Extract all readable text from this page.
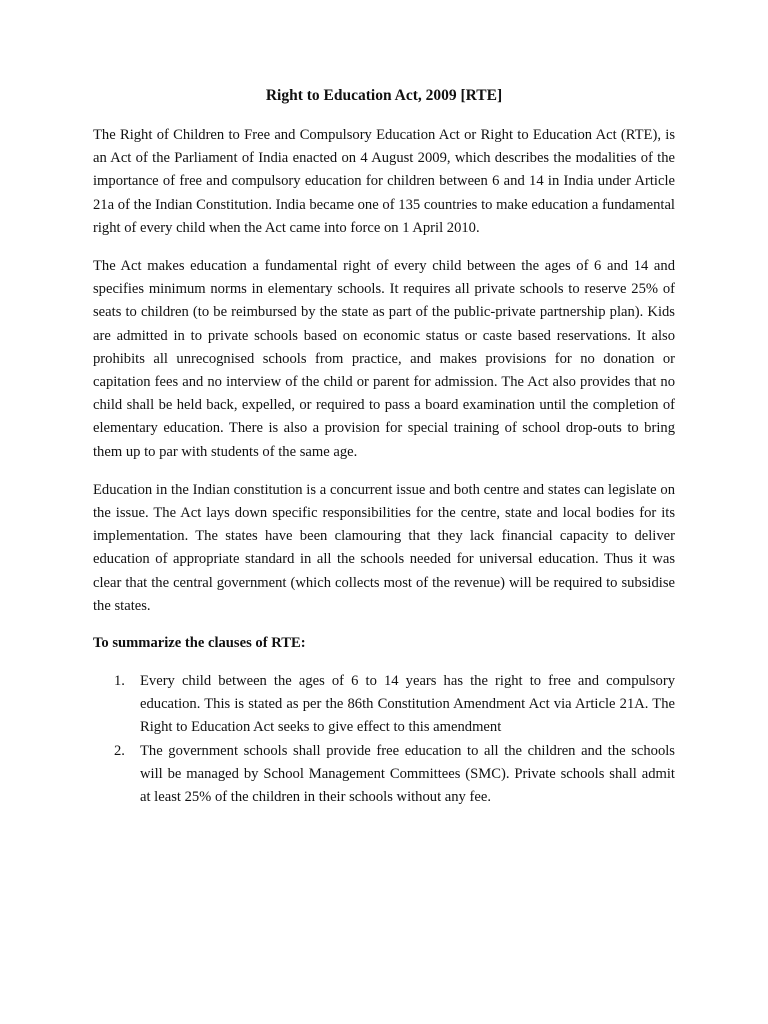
Right to Education Act, 2009 [RTE]

The Right of Children to Free and Compulsory Education Act or Right to Education Act (RTE), is an Act of the Parliament of India enacted on 4 August 2009, which describes the modalities of the importance of free and compulsory education for children between 6 and 14 in India under Article 21a of the Indian Constitution. India became one of 135 countries to make education a fundamental right of every child when the Act came into force on 1 April 2010.

The Act makes education a fundamental right of every child between the ages of 6 and 14 and specifies minimum norms in elementary schools. It requires all private schools to reserve 25% of seats to children (to be reimbursed by the state as part of the public-private partnership plan). Kids are admitted in to private schools based on economic status or caste based reservations. It also prohibits all unrecognised schools from practice, and makes provisions for no donation or capitation fees and no interview of the child or parent for admission. The Act also provides that no child shall be held back, expelled, or required to pass a board examination until the completion of elementary education. There is also a provision for special training of school drop-outs to bring them up to par with students of the same age.

Education in the Indian constitution is a concurrent issue and both centre and states can legislate on the issue. The Act lays down specific responsibilities for the centre, state and local bodies for its implementation. The states have been clamouring that they lack financial capacity to deliver education of appropriate standard in all the schools needed for universal education. Thus it was clear that the central government (which collects most of the revenue) will be required to subsidise the states.

To summarize the clauses of RTE:
1. Every child between the ages of 6 to 14 years has the right to free and compulsory education. This is stated as per the 86th Constitution Amendment Act via Article 21A. The Right to Education Act seeks to give effect to this amendment
2. The government schools shall provide free education to all the children and the schools will be managed by School Management Committees (SMC). Private schools shall admit at least 25% of the children in their schools without any fee.
